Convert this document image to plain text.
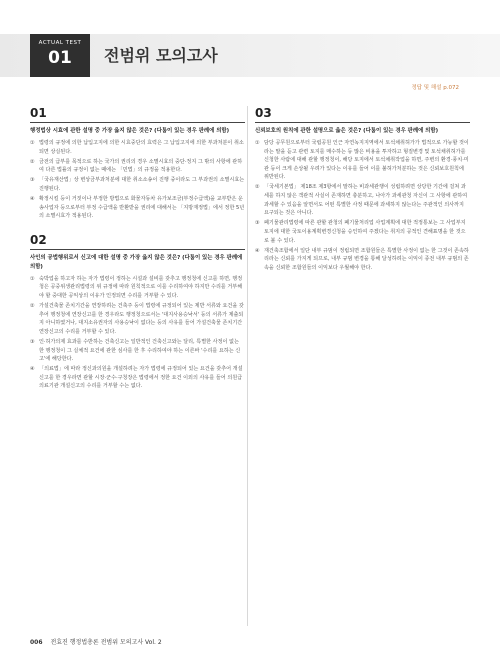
ACTUAL TEST
01	전범위 모의고사
정답 및 해설 p.072
01
행정법상 시효에 관한 설명 중 가장 옳지 않은 것은? (다툼이 있는 경우 판례에 의함)
① 법령의 규정에 의한 납입고지에 의한 시효중단의 효력은 그 납입고지에 의한 부과처분이 취소되면 상실된다.
② 금전의 급부를 목적으로 하는 국가의 권리의 경우 소멸시효의 중단·정지 그 밖의 사항에 관하여 다른 법률의 규정이 없는 때에는 「민법」의 규정을 적용한다.
③ 「국유재산법」상 변상금부과처분에 대한 취소소송이 진행 중이라도 그 부과권의 소멸시효는 진행된다.
④ 확정시킬 등이 거짓이나 부정한 방법으로 화물자동차 유가보조금(부정수급액)을 교부받은 운송사업자 등으로부터 부정 수급액을 반환받을 권리에 대해서는 「지방재정법」에서 정한 5년의 소멸시효가 적용된다.
02
사인의 공법행위로서 신고에 대한 설명 중 가장 옳지 않은 것은? (다툼이 있는 경우 판례에 의함)
① 숙박업을 하고자 하는 자가 법령이 정하는 시설과 설비를 갖추고 행정청에 신고를 하면, 행정청은 공중위생관리법령의 위 규정에 따라 원칙적으로 이를 수리하여야 하지만 수리를 거부해야 할 중대한 공익상의 이유가 인정되면 수리를 거부할 수 있다.
② 가설건축물 존치기간을 연장하려는 건축주 등이 법령에 규정되어 있는 제반 서류와 요건을 갖추어 행정청에 연장신고를 한 경우라도 행정청으로서는 '대지사용승낙서' 등의 서류가 제출되지 아니하였거나, 대지소유권자의 사용승낙이 없다는 등의 사유를 들어 가설건축물 존치기간 연장신고의 수리를 거부할 수 있다.
③ 인·허가의제 효과를 수반하는 건축신고는 일반적인 건축신고와는 달리, 특별한 사정이 없는 한 행정청이 그 실체적 요건에 관한 심사를 한 후 수리하여야 하는 이른바 '수리를 요하는 신고'에 해당한다.
④ 「의료법」에 따라 정신과의원을 개설하려는 자가 법령에 규정되어 있는 요건을 갖추어 개설신고를 한 경우라면 관할 시장·군수·구청장은 법령에서 정한 요건 이외의 사유를 들어 의원급 의료기관 개설신고의 수리를 거부할 수는 없다.
03
신뢰보호의 원칙에 관한 설명으로 옳은 것은? (다툼이 있는 경우 판례에 의함)
① 담당 공무원으로부터 국립공원 인근 자연녹지지역에서 토석채취허가가 법적으로 가능할 것이라는 말을 듣고 관련 토지를 매수하는 등 많은 비용을 투자하고 형질변경 및 토석채취허가를 신청한 사람에 대해 관할 행정청이, 해당 토지에서 토석채취작업을 하면, 주변의 환경·풍치·미관 등이 크게 손상될 우려가 있다는 이유를 들어 이를 불허가처분하는 것은 신뢰보호원칙에 위반된다.
② 「국세기본법」 제18조 제3항에서 말하는 비과세관행이 성립하려면 상당한 기간에 걸쳐 과세를 하지 않은 객관적 사실이 존재하면 충분하고, 나아가 과세관청 자신이 그 사항에 관하여 과세할 수 있음을 알면서도 어떤 특별한 사정 때문에 과세하지 않는다는 주관적인 의사까지 요구되는 것은 아니다.
③ 폐기물관리법령에 따른 관할 관청의 폐기물처리업 사업계획에 대한 적정통보는 그 사업부지 토지에 대한 국토이용계획변경신청을 승인하여 주겠다는 취지의 공적인 견해표명을 한 것으로 볼 수 있다.
④ 재건축조합에서 일단 내부 규범이 정립되면 조합원들은 특별한 사정이 없는 한 그것이 존속하리라는 신뢰를 가지게 되므로, 내부 규범 변경을 통해 달성하려는 이익이 종전 내부 규범의 존속을 신뢰한 조합원들의 이익보다 우월해야 한다.
006 전효진 행정법총론 전범위 모의고사 Vol. 2
